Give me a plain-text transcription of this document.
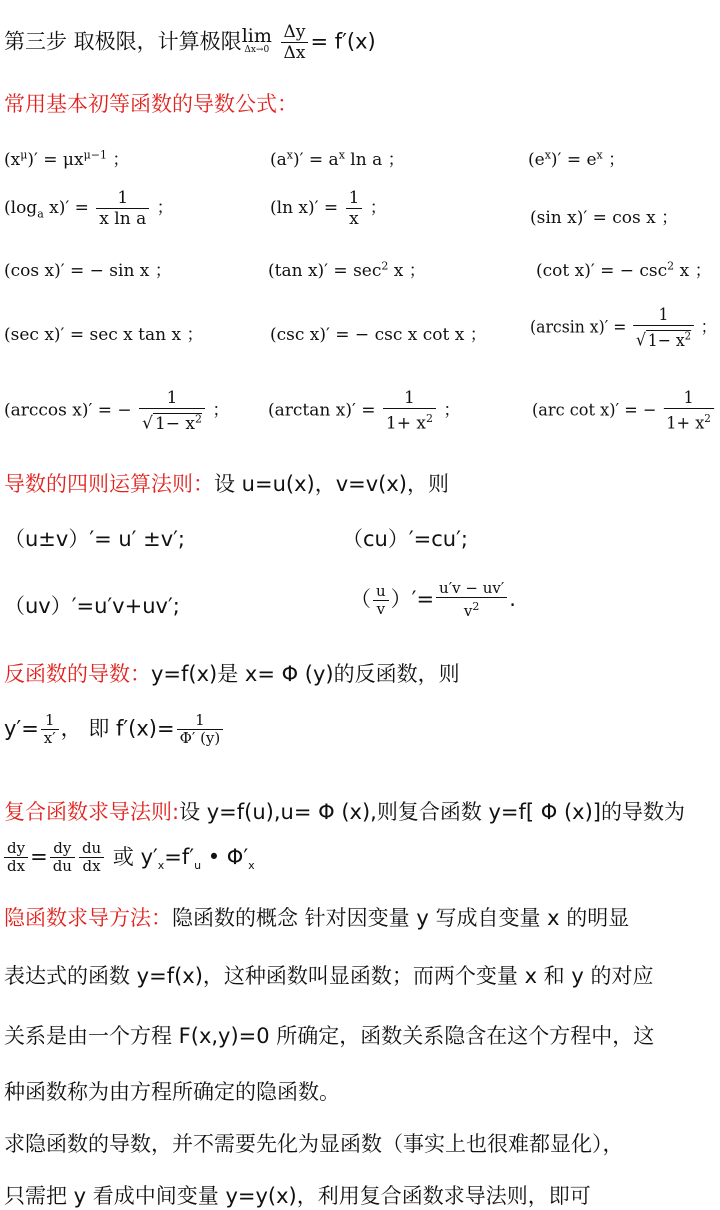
第三步 取极限，计算极限 lim
Δx→0
$\frac{\Delta y}{\Delta x} = f'(x)$
常用基本初等函数的导数公式：
$(x^\mu)' = \mu x^{\mu-1}$ ；	$(a^x)' = a^x$ ln a ；	$(e^x)' = e^x$ ；
($\log_a$ $x)' = \frac{1}{\text{x ln a}}$ ；	(ln $x)' = \frac{1}{x}$ ；	(sin x)′ = cos x ；
(cos x)′ = − sin x ；	(tan $x)' = \sec^2 x$ ；	(cot x)′ = − $\csc^2 x$ ；
(sec x)′ = sec x tan x ；	(csc x)′ = − csc x cot x ；	(arcsin $x)' = \frac{1}{√ 1- x^2}$ ；
(arccos x)′ = − $\frac{1}{√ 1- x^2}$ ； (arctan $x)' = \frac{1}{1+ x^2}$ ；	(arc cot x)′ = − $\frac{1}{1+ x^2}$
导数的四则运算法则：设 u=u(x)，v=v(x)，则
（u±v）′= u′ ±v′;	（cu）′=cu′;
（uv）′=u′v+uv′;	（ $\frac{u}{v}$ ）′= $\frac{u'v - uv'}{v^2}$ .
反函数的导数：y=f(x)是 x= Φ (y)的反函数，则
$y'= \frac{1}{x'}$ ， 即 $f'(x)= \frac{1}{\Phi' (y)}$
复合函数求导法则:设 y=f(u),u= Φ (x),则复合函数 y=f[ Φ (x)]的导数为
$\frac{dy}{dx} = \frac{dy}{du} \frac{du}{dx}$ 或 $y'_x=f'_u$ • $\Phi'_x$
隐函数求导方法：隐函数的概念 针对因变量 y 写成自变量 x 的明显
表达式的函数 y=f(x)，这种函数叫显函数；而两个变量 x 和 y 的对应
关系是由一个方程 F(x,y)=0 所确定，函数关系隐含在这个方程中，这
种函数称为由方程所确定的隐函数。
求隐函数的导数，并不需要先化为显函数（事实上也很难都显化），
只需把 y 看成中间变量 y=y(x)，利用复合函数求导法则，即可
